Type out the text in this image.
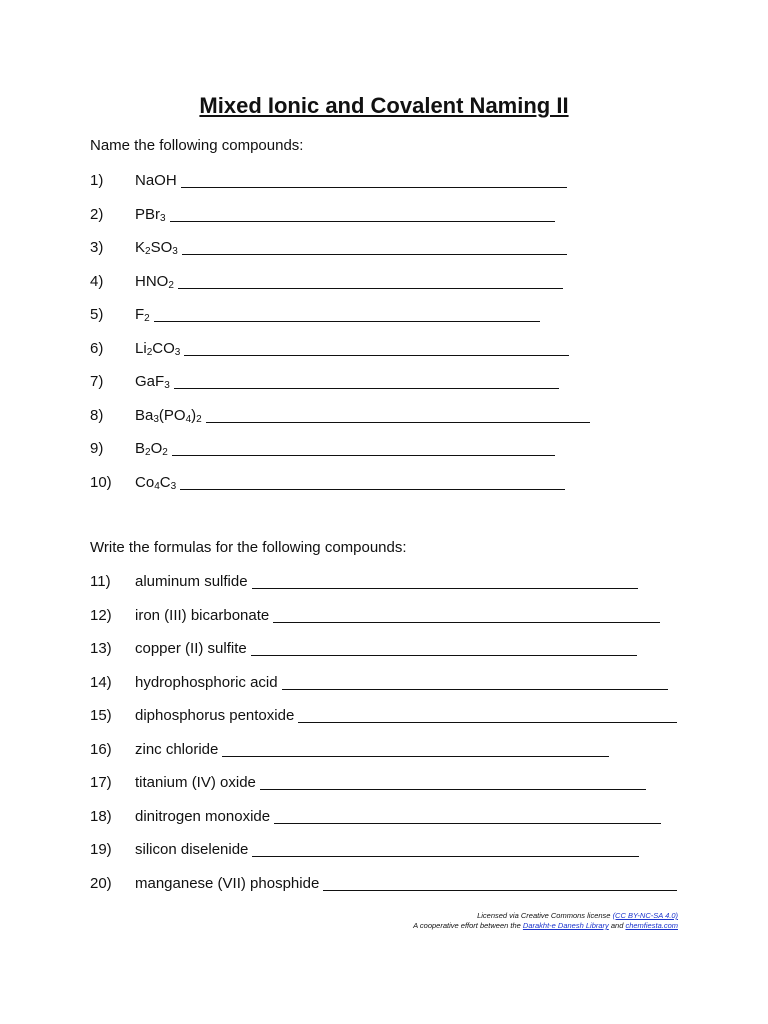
Mixed Ionic and Covalent Naming II

Name the following compounds:

1)	NaOH
2)	PBr$_3$
3)	$K_2SO_3$
4)	$HNO_2$
5)	$F_2$
6)	$Li_2CO_3$
7)	GaF$_3$
8)	$Ba_3(PO_4)_2$
9)	$B_2O_2$
10)	$Co_4C_3$

Write the formulas for the following compounds:

11)	aluminum sulfide
12)	iron (III) bicarbonate
13)	copper (II) sulfite
14)	hydrophosphoric acid
15)	diphosphorus pentoxide
16)	zinc chloride
17)	titanium (IV) oxide
18)	dinitrogen monoxide
19)	silicon diselenide
20)	manganese (VII) phosphide
Licensed via Creative Commons license (CC BY-NC-SA 4.0)
A cooperative effort between the Darakht-e Danesh Library and chemfiesta.com
